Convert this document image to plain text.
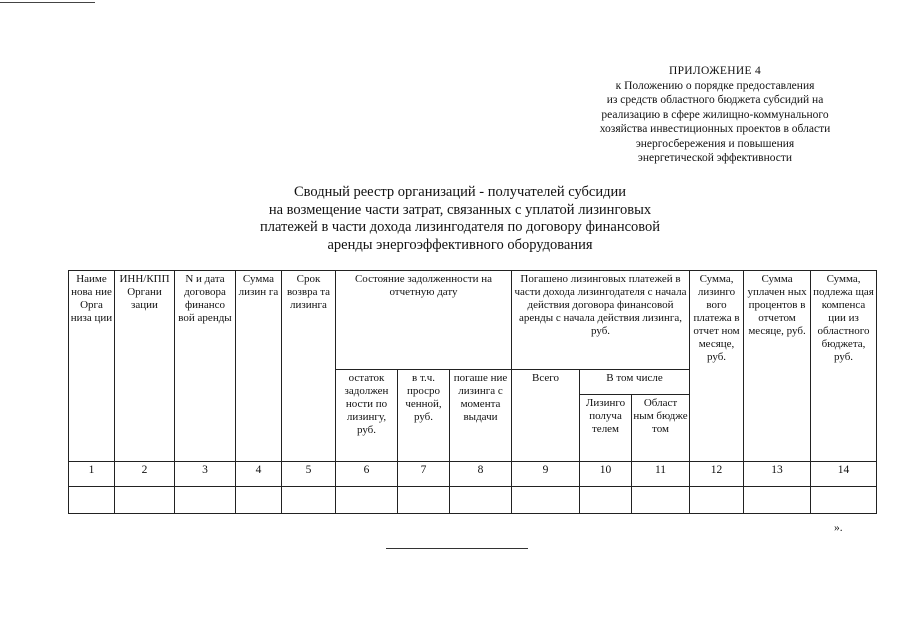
ПРИЛОЖЕНИЕ 4
к Положению о порядке предоставления
из средств областного бюджета субсидий на
реализацию в сфере жилищно-коммунального
хозяйства инвестиционных проектов в области
энергосбережения и повышения
энергетической эффективности
Сводный реестр организаций - получателей субсидии
на возмещение части затрат, связанных с уплатой лизинговых
платежей в части дохода лизингодателя по договору финансовой
аренды энергоэффективного оборудования
Наиме нова ние Орга низа ции	ИНН/КПП Органи зации	N и дата договора финансо вой аренды	Сумма лизин га	Срок возвра та лизинга	Состояние задолженности на отчетную дату			Погашено лизинговых платежей в части дохода лизингодателя с начала действия договора финансовой аренды с начала действия лизинга, руб.			Сумма, лизинго вого платежа в отчет ном месяце, руб.	Сумма уплачен ных процентов в отчетом месяце, руб.	Сумма, подлежа щая компенса ции из областного бюджета, руб.
					остаток задолжен ности по лизингу, руб.	в т.ч. просро ченной, руб.	погаше ние лизинга с момента выдачи	Всего	В том числе				
									Лизинго получа телем	Област ным бюдже том			
1	2	3	4	5	6	7	8	9	10	11	12	13	14

».
